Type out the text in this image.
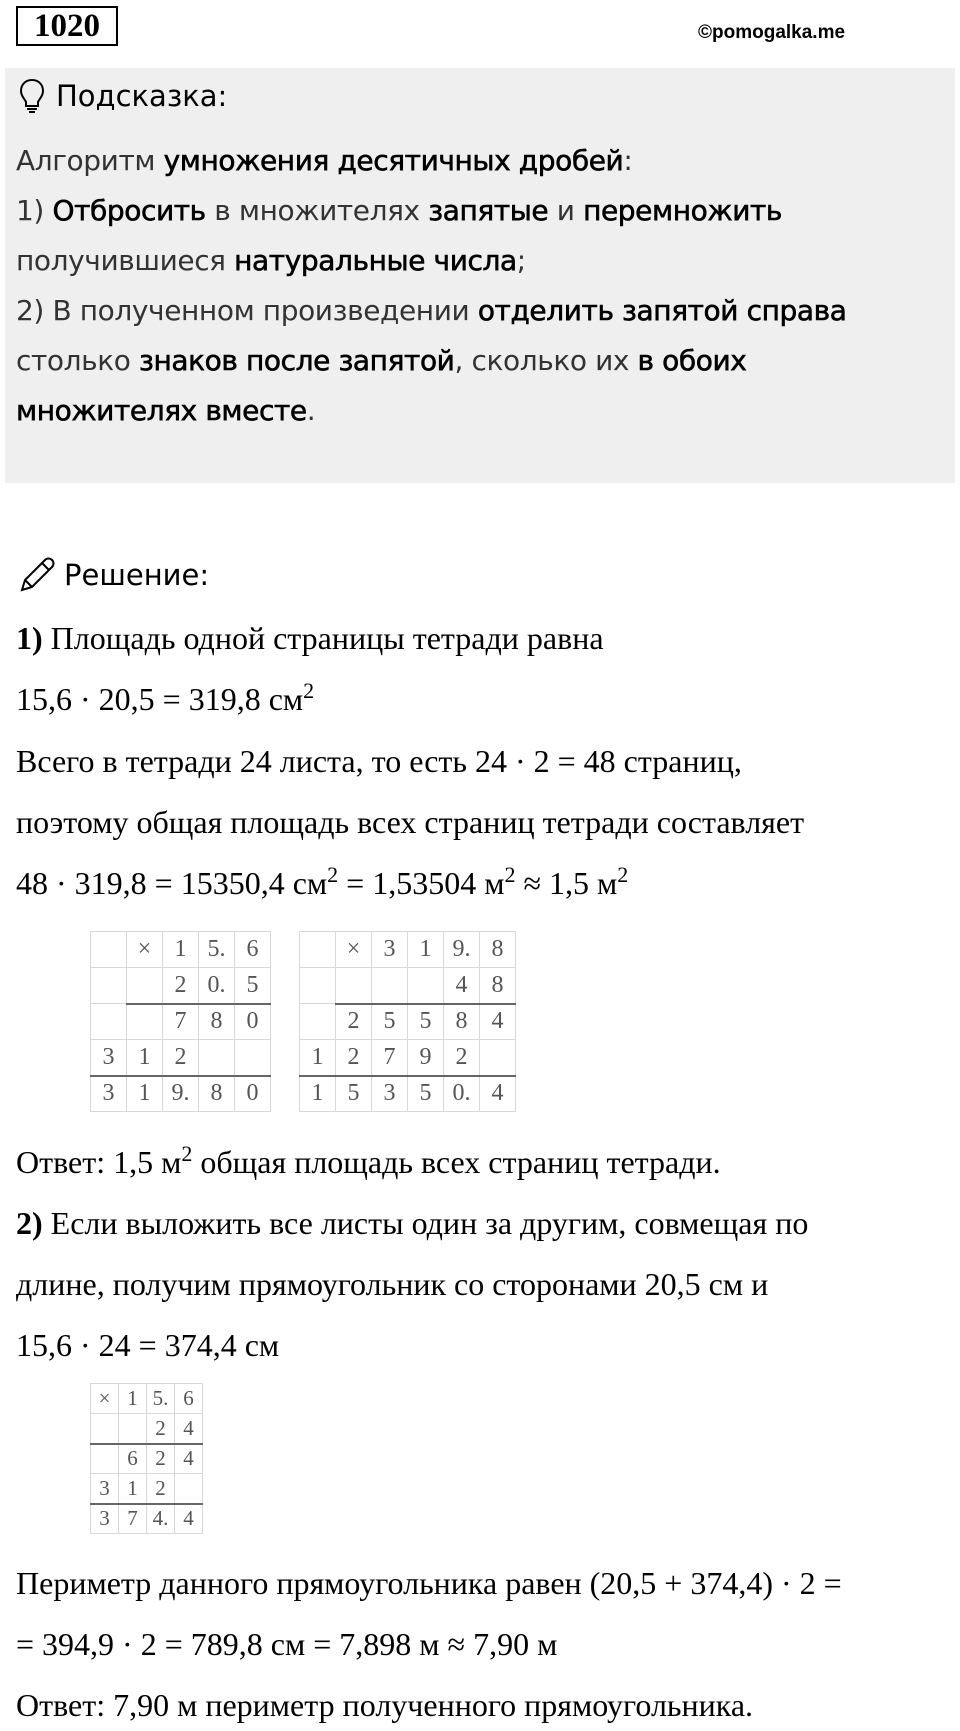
1020	©pomogalka.me
Подсказка:
Алгоритм умножения десятичных дробей:
1) Отбросить в множителях запятые и перемножить
получившиеся натуральные числа;
2) В полученном произведении отделить запятой справа
столько знаков после запятой, сколько их в обоих
множителях вместе.
Решение:
1) Площадь одной страницы тетради равна
15,6 · 20,5 = 319,8 $см^2$
Всего в тетради 24 листа, то есть 24 · 2 = 48 страниц,
поэтому общая площадь всех страниц тетради составляет
48 · 319,8 = 15350,4 $см^2 = 1,53504$ $м^2 \approx 1,5$ $м^2$
	×	1	5.	6
		2	0.	5
		7	8	0
3	1	2		
3	1	9.	8	0
	×	3	1	9.	8
				4	8
	2	5	5	8	4
1	2	7	9	2	
1	5	3	5	0.	4
Ответ: 1,5 $м^2$ общая площадь всех страниц тетради.
2) Если выложить все листы один за другим, совмещая по
длине, получим прямоугольник со сторонами 20,5 см и
15,6 · 24 = 374,4 см
×	1	5.	6
		2	4
	6	2	4
3	1	2	
3	7	4.	4
Периметр данного прямоугольника равен (20,5 + 374,4) · 2 =
= 394,9 · 2 = 789,8 см = 7,898 м ≈ 7,90 м
Ответ: 7,90 м периметр полученного прямоугольника.
